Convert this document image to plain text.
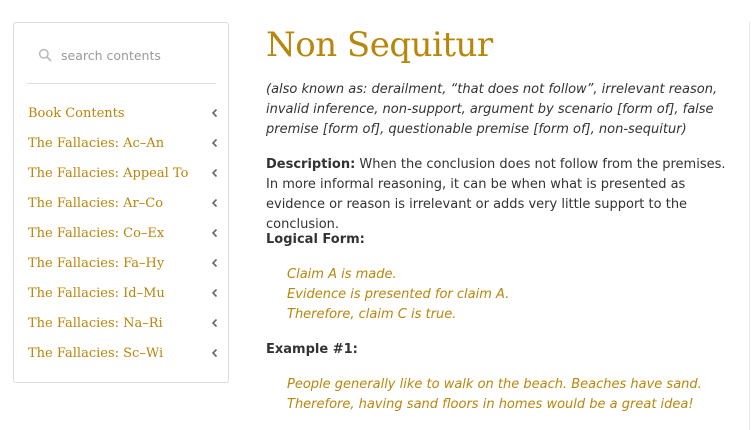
search contents
Book Contents
The Fallacies: Ac–An
The Fallacies: Appeal To
The Fallacies: Ar–Co
The Fallacies: Co–Ex
The Fallacies: Fa–Hy
The Fallacies: Id–Mu
The Fallacies: Na–Ri
The Fallacies: Sc–Wi
Non Sequitur

(also known as: derailment, “that does not follow”, irrelevant reason, invalid inference, non-support, argument by scenario [form of], false premise [form of], questionable premise [form of], non-sequitur)

Description: When the conclusion does not follow from the premises. In more informal reasoning, it can be when what is presented as evidence or reason is irrelevant or adds very little support to the conclusion.

Logical Form:

Claim A is made.
Evidence is presented for claim A.
Therefore, claim C is true.

Example #1:

People generally like to walk on the beach. Beaches have sand.
Therefore, having sand floors in homes would be a great idea!
